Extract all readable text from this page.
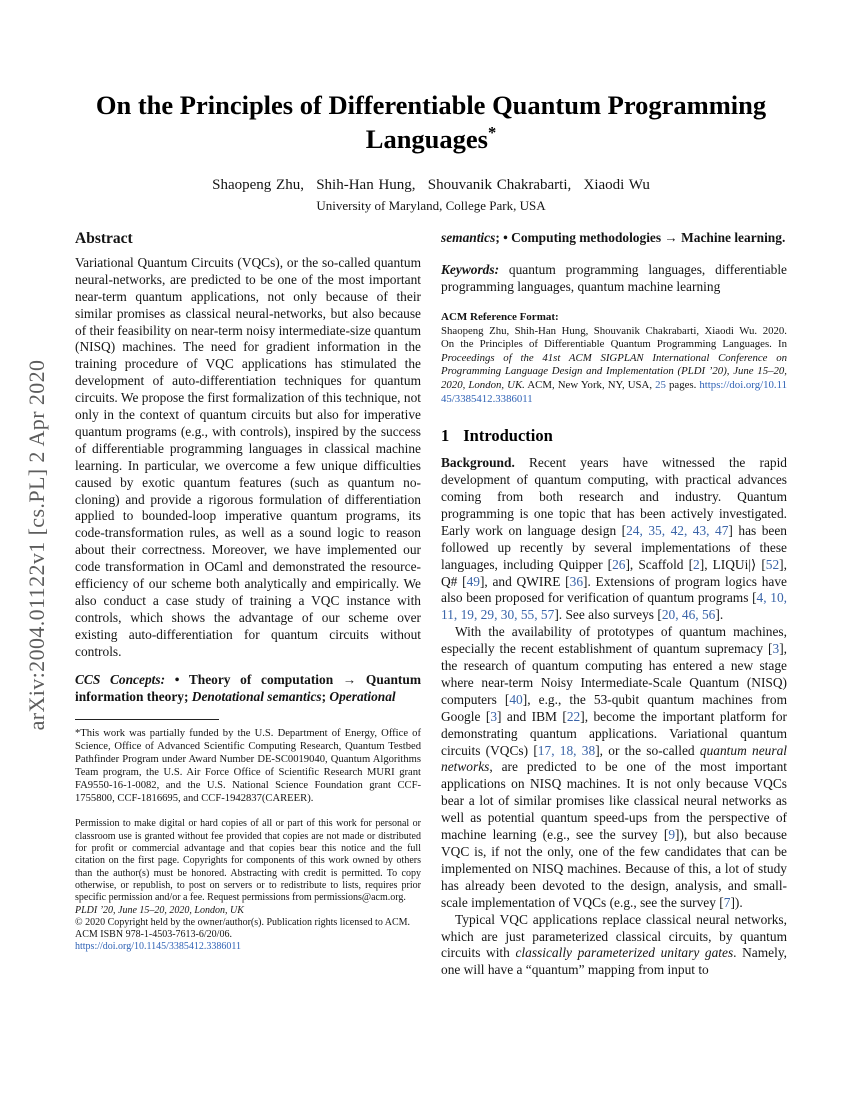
arXiv:2004.01122v1 [cs.PL] 2 Apr 2020
On the Principles of Differentiable Quantum Programming Languages*
Shaopeng Zhu,  Shih-Han Hung,  Shouvanik Chakrabarti,  Xiaodi Wu
University of Maryland, College Park, USA
Abstract
Variational Quantum Circuits (VQCs), or the so-called quantum neural-networks, are predicted to be one of the most important near-term quantum applications, not only because of their similar promises as classical neural-networks, but also because of their feasibility on near-term noisy intermediate-size quantum (NISQ) machines. The need for gradient information in the training procedure of VQC applications has stimulated the development of auto-differentiation techniques for quantum circuits. We propose the first formalization of this technique, not only in the context of quantum circuits but also for imperative quantum programs (e.g., with controls), inspired by the success of differentiable programming languages in classical machine learning. In particular, we overcome a few unique difficulties caused by exotic quantum features (such as quantum no-cloning) and provide a rigorous formulation of differentiation applied to bounded-loop imperative quantum programs, its code-transformation rules, as well as a sound logic to reason about their correctness. Moreover, we have implemented our code transformation in OCaml and demonstrated the resource-efficiency of our scheme both analytically and empirically. We also conduct a case study of training a VQC instance with controls, which shows the advantage of our scheme over existing auto-differentiation for quantum circuits without controls.
CCS Concepts: • Theory of computation → Quantum information theory; Denotational semantics; Operational
*This work was partially funded by the U.S. Department of Energy, Office of Science, Office of Advanced Scientific Computing Research, Quantum Testbed Pathfinder Program under Award Number DE-SC0019040, Quantum Algorithms Team program, the U.S. Air Force Office of Scientific Research MURI grant FA9550-16-1-0082, and the U.S. National Science Foundation grant CCF-1755800, CCF-1816695, and CCF-1942837(CAREER).
Permission to make digital or hard copies of all or part of this work for personal or classroom use is granted without fee provided that copies are not made or distributed for profit or commercial advantage and that copies bear this notice and the full citation on the first page. Copyrights for components of this work owned by others than the author(s) must be honored. Abstracting with credit is permitted. To copy otherwise, or republish, to post on servers or to redistribute to lists, requires prior specific permission and/or a fee. Request permissions from permissions@acm.org.
PLDI ’20, June 15–20, 2020, London, UK
© 2020 Copyright held by the owner/author(s). Publication rights licensed to ACM.
ACM ISBN 978-1-4503-7613-6/20/06.
https://doi.org/10.1145/3385412.3386011
semantics; • Computing methodologies → Machine learning.
Keywords: quantum programming languages, differentiable programming languages, quantum machine learning
ACM Reference Format:
Shaopeng Zhu, Shih-Han Hung, Shouvanik Chakrabarti, Xiaodi Wu. 2020. On the Principles of Differentiable Quantum Programming Languages. In Proceedings of the 41st ACM SIGPLAN International Conference on Programming Language Design and Implementation (PLDI ’20), June 15–20, 2020, London, UK. ACM, New York, NY, USA, 25 pages. https://doi.org/10.1145/3385412.3386011
1 Introduction
Background. Recent years have witnessed the rapid development of quantum computing, with practical advances coming from both research and industry. Quantum programming is one topic that has been actively investigated. Early work on language design [24, 35, 42, 43, 47] has been followed up recently by several implementations of these languages, including Quipper [26], Scaffold [2], LIQUi|⟩ [52], Q# [49], and QWIRE [36]. Extensions of program logics have also been proposed for verification of quantum programs [4, 10, 11, 19, 29, 30, 55, 57]. See also surveys [20, 46, 56].
With the availability of prototypes of quantum machines, especially the recent establishment of quantum supremacy [3], the research of quantum computing has entered a new stage where near-term Noisy Intermediate-Scale Quantum (NISQ) computers [40], e.g., the 53-qubit quantum machines from Google [3] and IBM [22], become the important platform for demonstrating quantum applications. Variational quantum circuits (VQCs) [17, 18, 38], or the so-called quantum neural networks, are predicted to be one of the most important applications on NISQ machines. It is not only because VQCs bear a lot of similar promises like classical neural networks as well as potential quantum speed-ups from the perspective of machine learning (e.g., see the survey [9]), but also because VQC is, if not the only, one of the few candidates that can be implemented on NISQ machines. Because of this, a lot of study has already been devoted to the design, analysis, and small-scale implementation of VQCs (e.g., see the survey [7]).
Typical VQC applications replace classical neural networks, which are just parameterized classical circuits, by quantum circuits with classically parameterized unitary gates. Namely, one will have a “quantum” mapping from input to
